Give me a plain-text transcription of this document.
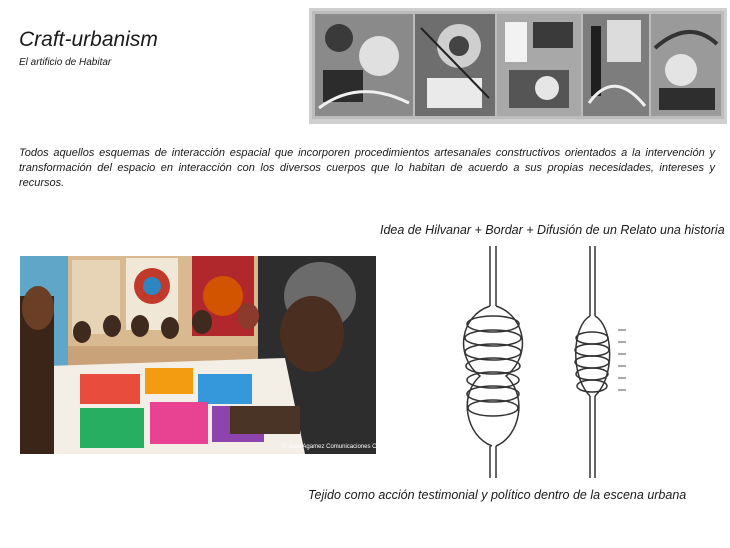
Craft-urbanism
El artificio de Habitar

Todos aquellos esquemas de interacción espacial que incorporen procedimientos artesanales constructivos orientados a la intervención y transformación del espacio en interacción con los diversos cuerpos que lo habitan de acuerdo a sus propias necesidades, intereses y recursos.

Idea de Hilvanar + Bordar + Difusión de un Relato una historia
© Joao Agamez Comunicaciones CMPR
Tejido como acción testimonial y político dentro de la escena urbana
